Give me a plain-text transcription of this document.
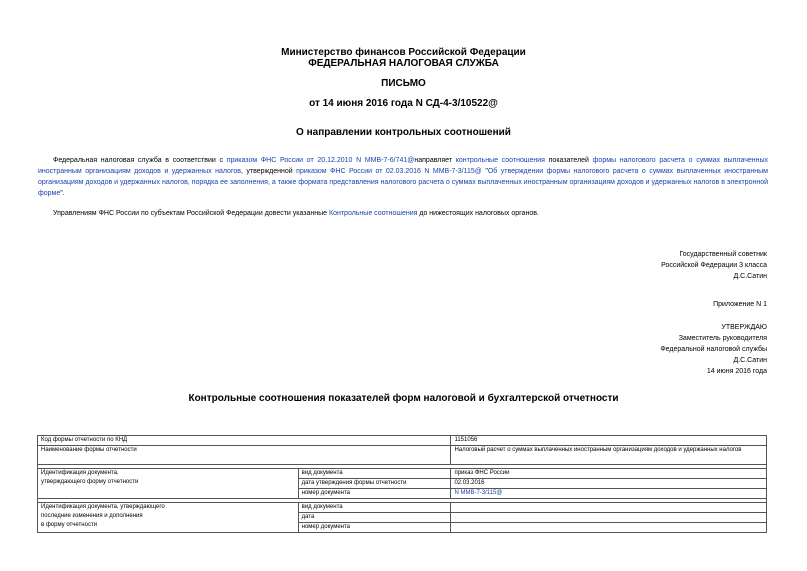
Министерство финансов Российской Федерации
ФЕДЕРАЛЬНАЯ НАЛОГОВАЯ СЛУЖБА
ПИСЬМО
от 14 июня 2016 года N СД-4-3/10522@
О направлении контрольных соотношений
Федеральная налоговая служба в соответствии с приказом ФНС России от 20.12.2010 N ММВ-7-6/741@направляет контрольные соотношения показателей формы налогового расчета о суммах выплаченных иностранным организациям доходов и удержанных налогов, утвержденной приказом ФНС России от 02.03.2016 N ММВ-7-3/115@ "Об утверждении формы налогового расчета о суммах выплаченных иностранным организациям доходов и удержанных налогов, порядка ее заполнения, а также формата представления налогового расчета о суммах выплаченных иностранным организациям доходов и удержанных налогов в электронной форме".
Управлениям ФНС России по субъектам Российской Федерации довести указанные Контрольные соотношения до нижестоящих налоговых органов.
Государственный советник
Российской Федерации 3 класса
Д.С.Сатин
Приложение N 1
УТВЕРЖДАЮ
Заместитель руководителя
Федеральной налоговой службы
Д.С.Сатин
14 июня 2016 года
Контрольные соотношения показателей форм налоговой и бухгалтерской отчетности
Код формы отчетности по КНД		1151056
Наименование формы отчетности		Налоговый расчет о суммах выплаченных иностранным организациям доходов и удержанных налогов

Идентификация документа,
утверждающего форму отчетности	вид документа	приказ ФНС России
	дата утверждения формы отчетности	02.03.2016
	номер документа	N ММВ-7-3/115@

Идентификация документа, утверждающего
последние изменения и дополнения
в форму отчетности	вид документа	
	дата	
	номер документа	
